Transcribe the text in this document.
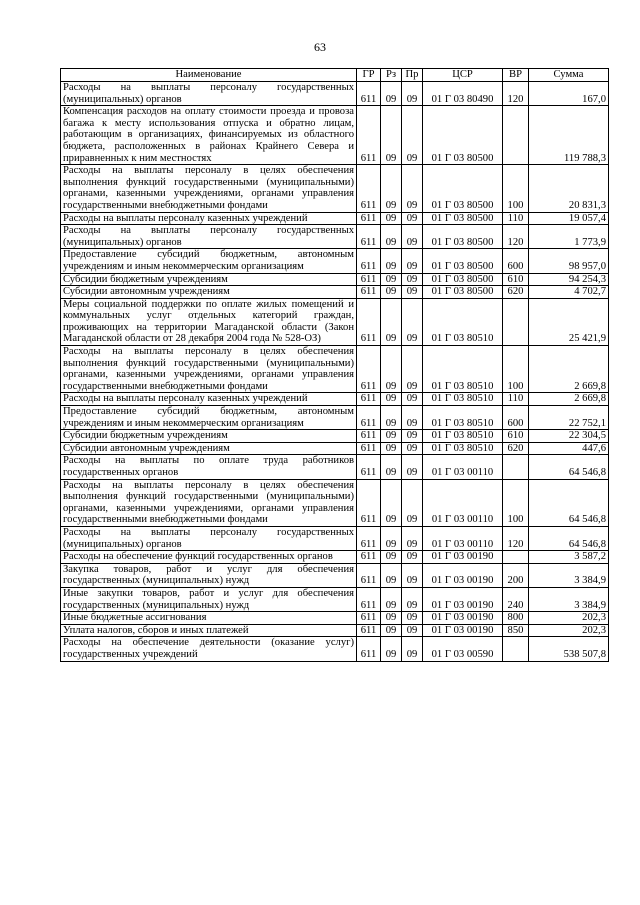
63
Наименование	ГР	Рз	Пр	ЦСР	ВР	Сумма
Расходы на выплаты персоналу государственных (муниципальных) органов	611	09	09	01 Г 03 80490	120	167,0
Компенсация расходов на оплату стоимости проезда и провоза багажа к месту использования отпуска и обратно лицам, работающим в организациях, финансируемых из областного бюджета, расположенных в районах Крайнего Севера и приравненных к ним местностях	611	09	09	01 Г 03 80500		119 788,3
Расходы на выплаты персоналу в целях обеспечения выполнения функций государственными (муниципальными) органами, казенными учреждениями, органами управления государственными внебюджетными фондами	611	09	09	01 Г 03 80500	100	20 831,3
Расходы на выплаты персоналу казенных учреждений	611	09	09	01 Г 03 80500	110	19 057,4
Расходы на выплаты персоналу государственных (муниципальных) органов	611	09	09	01 Г 03 80500	120	1 773,9
Предоставление субсидий бюджетным, автономным учреждениям и иным некоммерческим организациям	611	09	09	01 Г 03 80500	600	98 957,0
Субсидии бюджетным учреждениям	611	09	09	01 Г 03 80500	610	94 254,3
Субсидии автономным учреждениям	611	09	09	01 Г 03 80500	620	4 702,7
Меры социальной поддержки по оплате жилых помещений и коммунальных услуг отдельных категорий граждан, проживающих на территории Магаданской области (Закон Магаданской области от 28 декабря 2004 года № 528-ОЗ)	611	09	09	01 Г 03 80510		25 421,9
Расходы на выплаты персоналу в целях обеспечения выполнения функций государственными (муниципальными) органами, казенными учреждениями, органами управления государственными внебюджетными фондами	611	09	09	01 Г 03 80510	100	2 669,8
Расходы на выплаты персоналу казенных учреждений	611	09	09	01 Г 03 80510	110	2 669,8
Предоставление субсидий бюджетным, автономным учреждениям и иным некоммерческим организациям	611	09	09	01 Г 03 80510	600	22 752,1
Субсидии бюджетным учреждениям	611	09	09	01 Г 03 80510	610	22 304,5
Субсидии автономным учреждениям	611	09	09	01 Г 03 80510	620	447,6
Расходы на выплаты по оплате труда работников государственных органов	611	09	09	01 Г 03 00110		64 546,8
Расходы на выплаты персоналу в целях обеспечения выполнения функций государственными (муниципальными) органами, казенными учреждениями, органами управления государственными внебюджетными фондами	611	09	09	01 Г 03 00110	100	64 546,8
Расходы на выплаты персоналу государственных (муниципальных) органов	611	09	09	01 Г 03 00110	120	64 546,8
Расходы на обеспечение функций государственных органов	611	09	09	01 Г 03 00190		3 587,2
Закупка товаров, работ и услуг для обеспечения государственных (муниципальных) нужд	611	09	09	01 Г 03 00190	200	3 384,9
Иные закупки товаров, работ и услуг для обеспечения государственных (муниципальных) нужд	611	09	09	01 Г 03 00190	240	3 384,9
Иные бюджетные ассигнования	611	09	09	01 Г 03 00190	800	202,3
Уплата налогов, сборов и иных платежей	611	09	09	01 Г 03 00190	850	202,3
Расходы на обеспечение деятельности (оказание услуг) государственных учреждений	611	09	09	01 Г 03 00590		538 507,8
